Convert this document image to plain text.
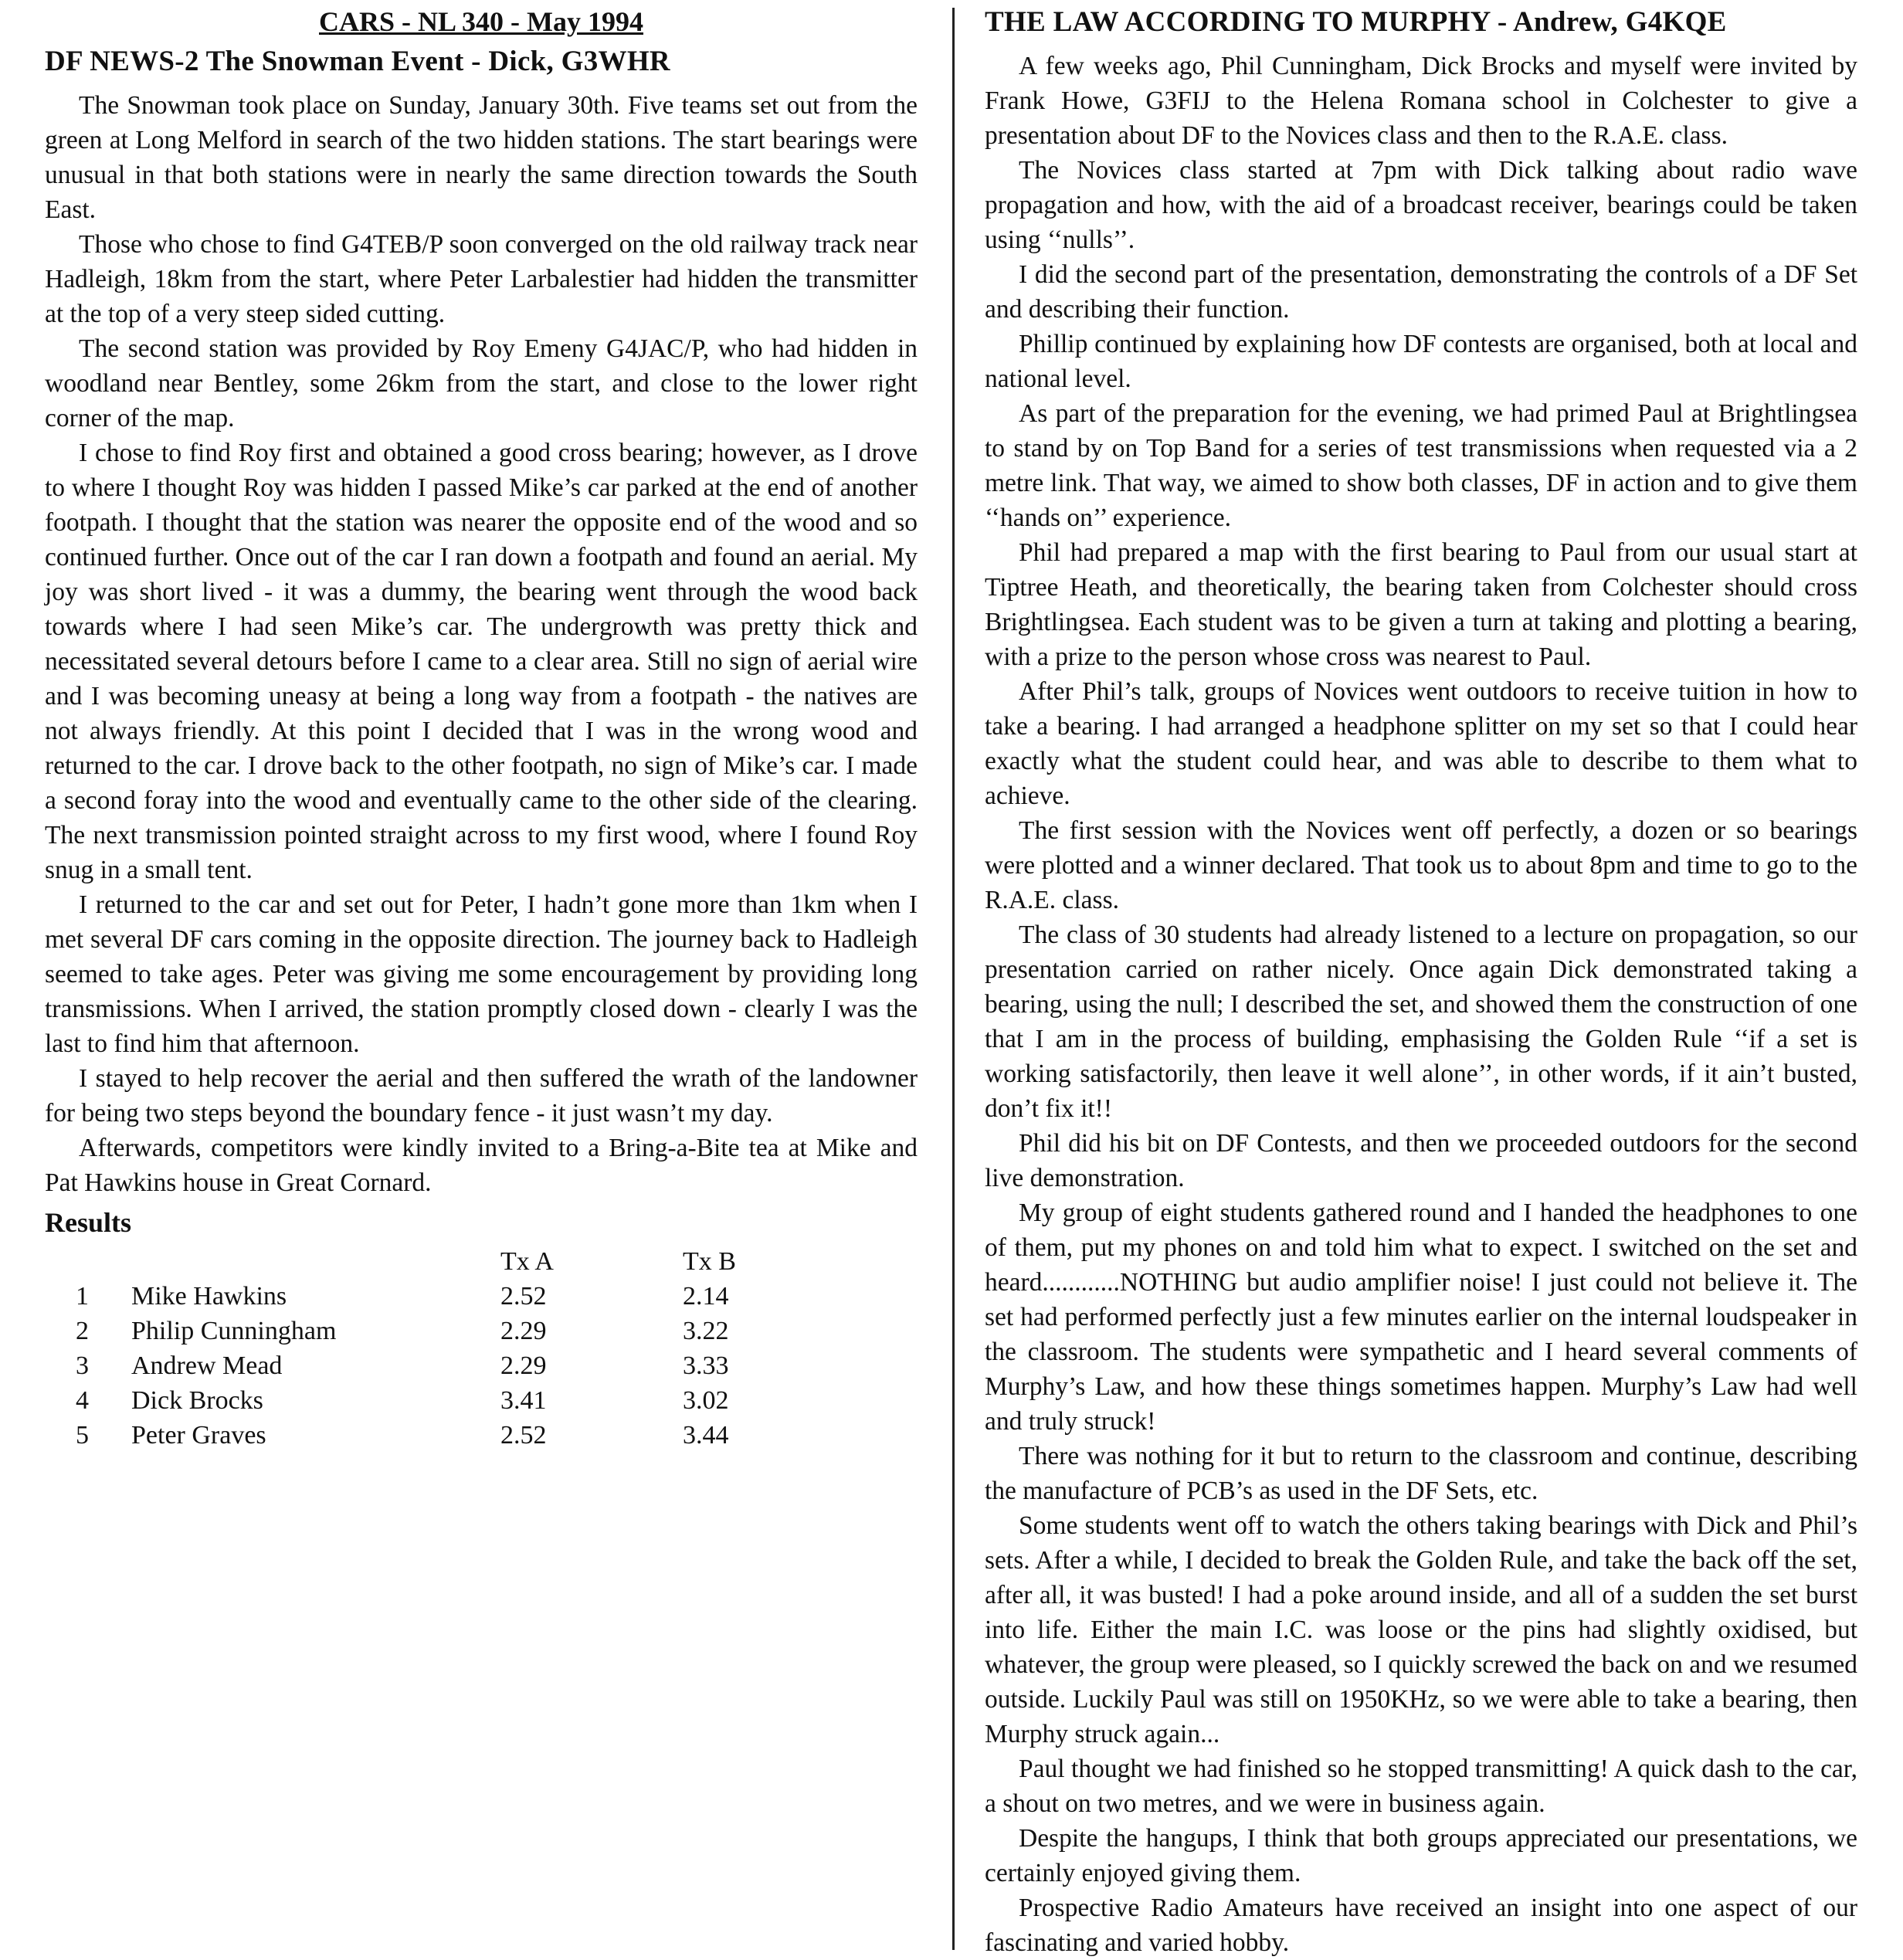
CARS - NL 340 - May 1994
DF NEWS-2 The Snowman Event - Dick, G3WHR

The Snowman took place on Sunday, January 30th. Five teams set out from the green at Long Melford in search of the two hidden stations. The start bearings were unusual in that both stations were in nearly the same direction towards the South East.

Those who chose to find G4TEB/P soon converged on the old railway track near Hadleigh, 18km from the start, where Peter Larbalestier had hidden the transmitter at the top of a very steep sided cutting.

The second station was provided by Roy Emeny G4JAC/P, who had hidden in woodland near Bentley, some 26km from the start, and close to the lower right corner of the map.

I chose to find Roy first and obtained a good cross bearing; however, as I drove to where I thought Roy was hidden I passed Mike’s car parked at the end of another footpath. I thought that the station was nearer the opposite end of the wood and so continued further. Once out of the car I ran down a footpath and found an aerial. My joy was short lived - it was a dummy, the bearing went through the wood back towards where I had seen Mike’s car. The undergrowth was pretty thick and necessitated several detours before I came to a clear area. Still no sign of aerial wire and I was becoming uneasy at being a long way from a footpath - the natives are not always friendly. At this point I decided that I was in the wrong wood and returned to the car. I drove back to the other footpath, no sign of Mike’s car. I made a second foray into the wood and eventually came to the other side of the clearing. The next transmission pointed straight across to my first wood, where I found Roy snug in a small tent.

I returned to the car and set out for Peter, I hadn’t gone more than 1km when I met several DF cars coming in the opposite direction. The journey back to Hadleigh seemed to take ages. Peter was giving me some encouragement by providing long transmissions. When I arrived, the station promptly closed down - clearly I was the last to find him that afternoon.

I stayed to help recover the aerial and then suffered the wrath of the landowner for being two steps beyond the boundary fence - it just wasn’t my day.

Afterwards, competitors were kindly invited to a Bring-a-Bite tea at Mike and Pat Hawkins house in Great Cornard.

Results
		Tx A	Tx B
1	Mike Hawkins	2.52	2.14
2	Philip Cunningham	2.29	3.22
3	Andrew Mead	2.29	3.33
4	Dick Brocks	3.41	3.02
5	Peter Graves	2.52	3.44
THE LAW ACCORDING TO MURPHY - Andrew, G4KQE

A few weeks ago, Phil Cunningham, Dick Brocks and myself were invited by Frank Howe, G3FIJ to the Helena Romana school in Colchester to give a presentation about DF to the Novices class and then to the R.A.E. class.

The Novices class started at 7pm with Dick talking about radio wave propagation and how, with the aid of a broadcast receiver, bearings could be taken using ‘‘nulls’’.

I did the second part of the presentation, demonstrating the controls of a DF Set and describing their function.

Phillip continued by explaining how DF contests are organised, both at local and national level.

As part of the preparation for the evening, we had primed Paul at Brightlingsea to stand by on Top Band for a series of test transmissions when requested via a 2 metre link. That way, we aimed to show both classes, DF in action and to give them ‘‘hands on’’ experience.

Phil had prepared a map with the first bearing to Paul from our usual start at Tiptree Heath, and theoretically, the bearing taken from Colchester should cross Brightlingsea. Each student was to be given a turn at taking and plotting a bearing, with a prize to the person whose cross was nearest to Paul.

After Phil’s talk, groups of Novices went outdoors to receive tuition in how to take a bearing. I had arranged a headphone splitter on my set so that I could hear exactly what the student could hear, and was able to describe to them what to achieve.

The first session with the Novices went off perfectly, a dozen or so bearings were plotted and a winner declared. That took us to about 8pm and time to go to the R.A.E. class.

The class of 30 students had already listened to a lecture on propagation, so our presentation carried on rather nicely. Once again Dick demonstrated taking a bearing, using the null; I described the set, and showed them the construction of one that I am in the process of building, emphasising the Golden Rule ‘‘if a set is working satisfactorily, then leave it well alone’’, in other words, if it ain’t busted, don’t fix it!!

Phil did his bit on DF Contests, and then we proceeded outdoors for the second live demonstration.

My group of eight students gathered round and I handed the headphones to one of them, put my phones on and told him what to expect. I switched on the set and heard............NOTHING but audio amplifier noise! I just could not believe it. The set had performed perfectly just a few minutes earlier on the internal loudspeaker in the classroom. The students were sympathetic and I heard several comments of Murphy’s Law, and how these things sometimes happen. Murphy’s Law had well and truly struck!

There was nothing for it but to return to the classroom and continue, describing the manufacture of PCB’s as used in the DF Sets, etc.

Some students went off to watch the others taking bearings with Dick and Phil’s sets. After a while, I decided to break the Golden Rule, and take the back off the set, after all, it was busted! I had a poke around inside, and all of a sudden the set burst into life. Either the main I.C. was loose or the pins had slightly oxidised, but whatever, the group were pleased, so I quickly screwed the back on and we resumed outside. Luckily Paul was still on 1950KHz, so we were able to take a bearing, then Murphy struck again...

Paul thought we had finished so he stopped transmitting! A quick dash to the car, a shout on two metres, and we were in business again.

Despite the hangups, I think that both groups appreciated our presentations, we certainly enjoyed giving them.

Prospective Radio Amateurs have received an insight into one aspect of our fascinating and varied hobby.
